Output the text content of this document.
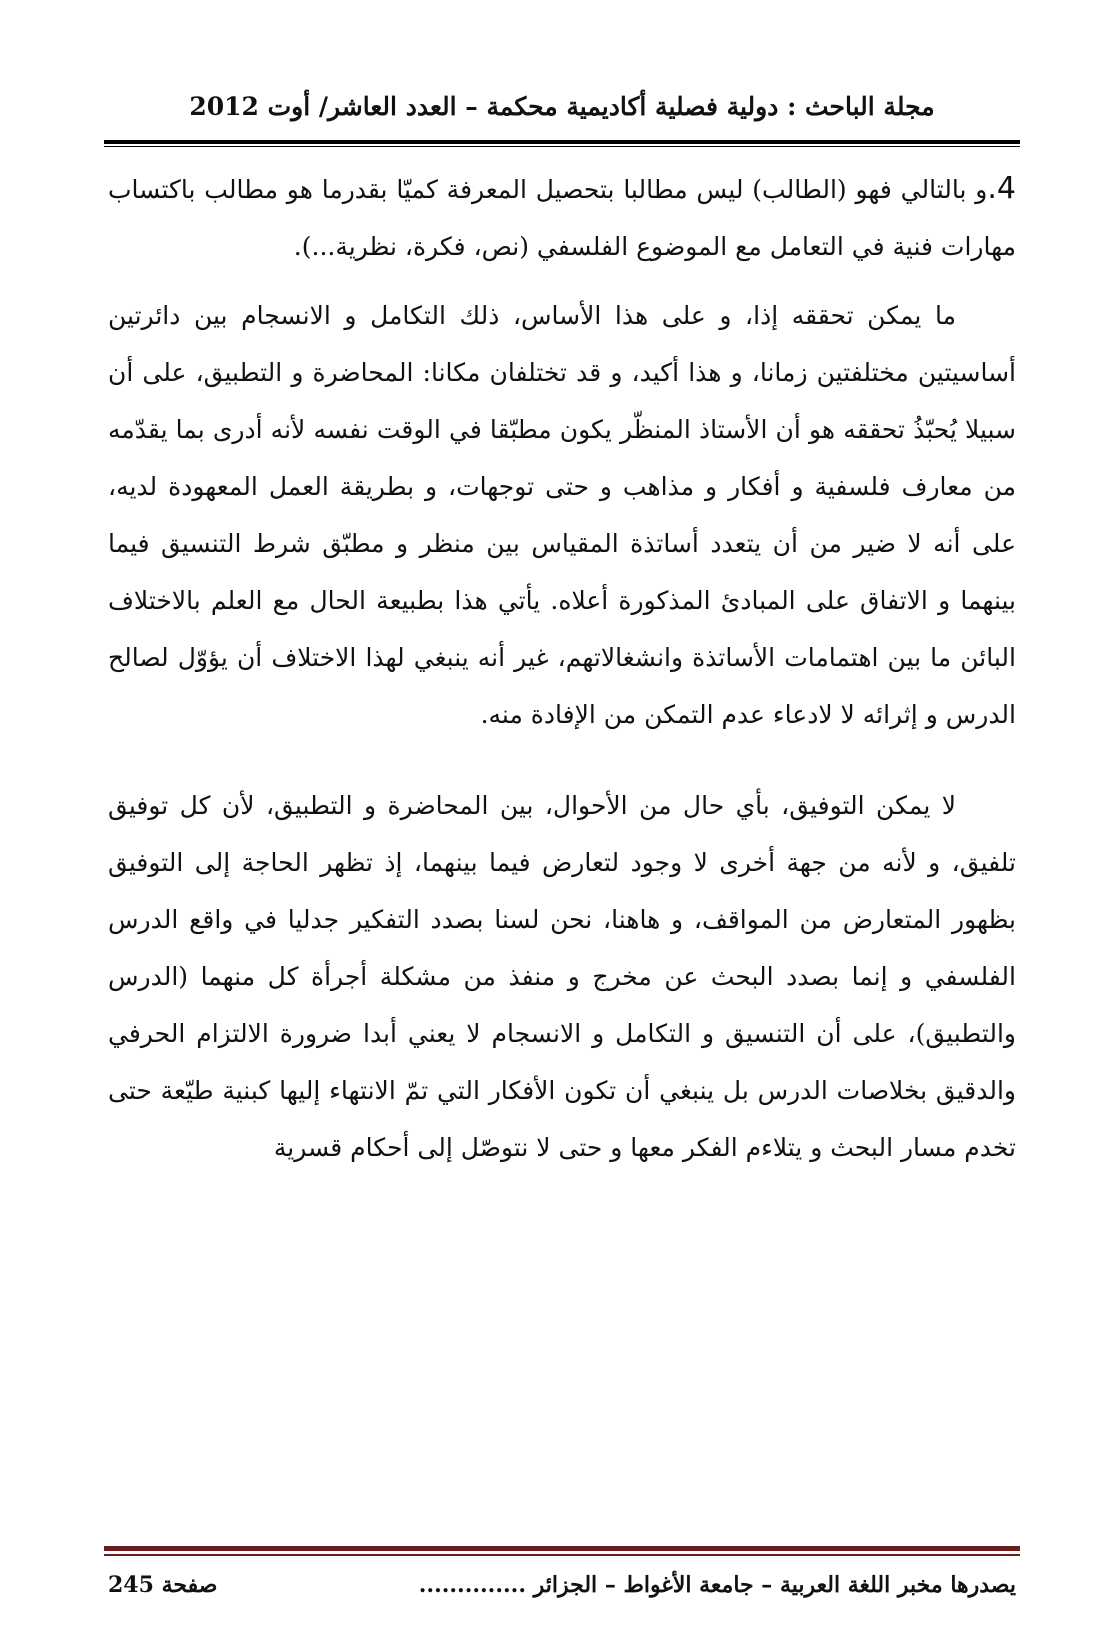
مجلة الباحث : دولية فصلية أكاديمية محكمة – العدد العاشر/ أوت 2012

4.و بالتالي فهو (الطالب) ليس مطالبا بتحصيل المعرفة كميّا بقدرما هو مطالب باكتساب مهارات فنية في التعامل مع الموضوع الفلسفي (نص، فكرة، نظرية...).

ما يمكن تحققه إذا، و على هذا الأساس، ذلك التكامل و الانسجام بين دائرتين أساسيتين مختلفتين زمانا، و هذا أكيد، و قد تختلفان مكانا: المحاضرة و التطبيق، على أن سبيلا يُحبّذُ تحققه هو أن الأستاذ المنظّر يكون مطبّقا في الوقت نفسه لأنه أدرى بما يقدّمه من معارف فلسفية و أفكار و مذاهب و حتى توجهات، و بطريقة العمل المعهودة لديه، على أنه لا ضير من أن يتعدد أساتذة المقياس بين منظر و مطبّق شرط التنسيق فيما بينهما و الاتفاق على المبادئ المذكورة أعلاه. يأتي هذا بطبيعة الحال مع العلم بالاختلاف البائن ما بين اهتمامات الأساتذة وانشغالاتهم، غير أنه ينبغي لهذا الاختلاف أن يؤوّل لصالح الدرس و إثرائه لا لادعاء عدم التمكن من الإفادة منه.

لا يمكن التوفيق، بأي حال من الأحوال، بين المحاضرة و التطبيق، لأن كل توفيق تلفيق، و لأنه من جهة أخرى لا وجود لتعارض فيما بينهما، إذ تظهر الحاجة إلى التوفيق بظهور المتعارض من المواقف، و هاهنا، نحن لسنا بصدد التفكير جدليا في واقع الدرس الفلسفي و إنما بصدد البحث عن مخرج و منفذ من مشكلة أجرأة كل منهما (الدرس والتطبيق)، على أن التنسيق و التكامل و الانسجام لا يعني أبدا ضرورة الالتزام الحرفي والدقيق بخلاصات الدرس بل ينبغي أن تكون الأفكار التي تمّ الانتهاء إليها كبنية طيّعة حتى تخدم مسار البحث و يتلاءم الفكر معها و حتى لا نتوصّل إلى أحكام قسرية

يصدرها مخبر اللغة العربية – جامعة الأغواط – الجزائر ..............
صفحة 245
